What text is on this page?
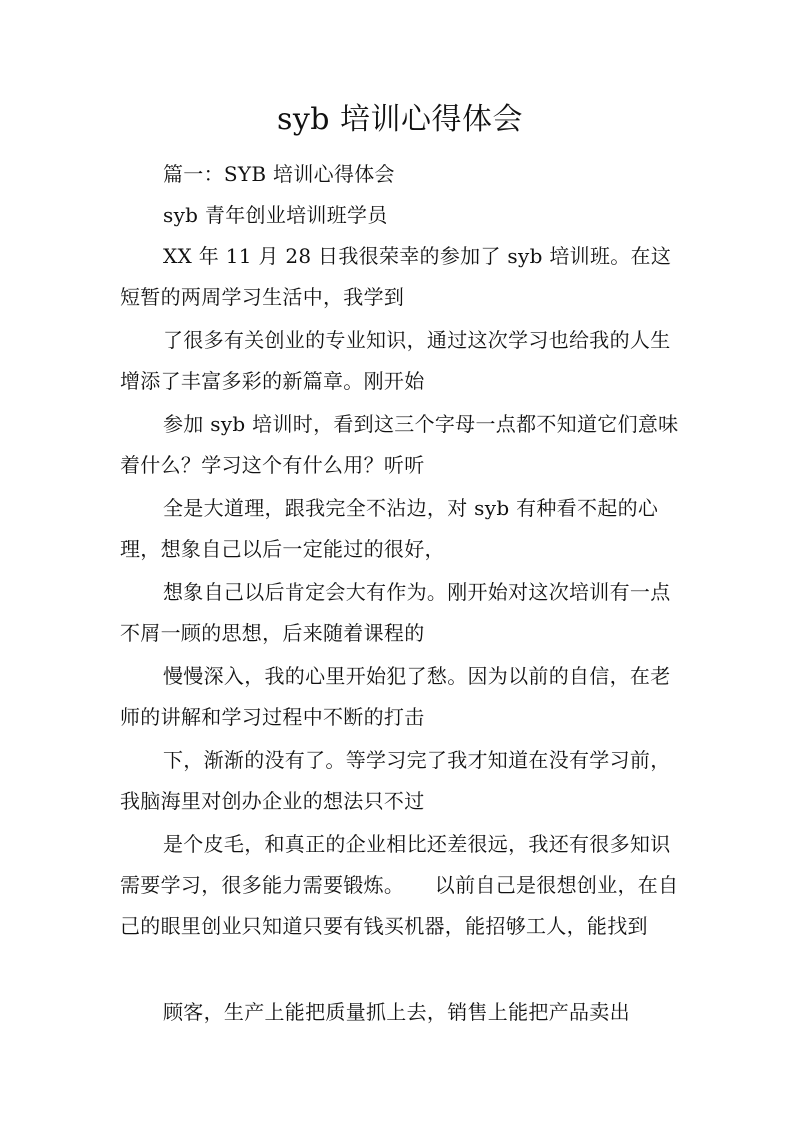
syb 培训心得体会
篇一：SYB 培训心得体会
syb 青年创业培训班学员
XX 年 11 月 28 日我很荣幸的参加了 syb 培训班。在这短暂的两周学习生活中，我学到
了很多有关创业的专业知识，通过这次学习也给我的人生增添了丰富多彩的新篇章。刚开始
参加 syb 培训时，看到这三个字母一点都不知道它们意味着什么？学习这个有什么用？听听
全是大道理，跟我完全不沾边，对 syb 有种看不起的心理，想象自己以后一定能过的很好，
想象自己以后肯定会大有作为。刚开始对这次培训有一点不屑一顾的思想，后来随着课程的
慢慢深入，我的心里开始犯了愁。因为以前的自信，在老师的讲解和学习过程中不断的打击
下，渐渐的没有了。等学习完了我才知道在没有学习前，我脑海里对创办企业的想法只不过
是个皮毛，和真正的企业相比还差很远，我还有很多知识需要学习，很多能力需要锻炼。　　以前自己是很想创业，在自己的眼里创业只知道只要有钱买机器，能招够工人，能找到
顾客，生产上能把质量抓上去，销售上能把产品卖出
